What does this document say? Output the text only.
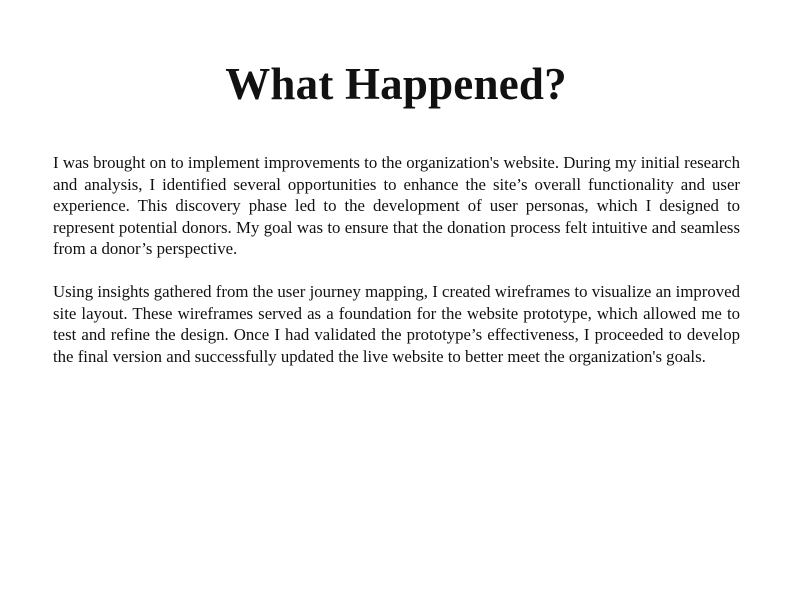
What Happened?

I was brought on to implement improvements to the organization's website. During my initial research and analysis, I identified several opportunities to enhance the site’s overall functionality and user experience. This discovery phase led to the development of user personas, which I designed to represent potential donors. My goal was to ensure that the donation process felt intuitive and seamless from a donor’s perspective.

Using insights gathered from the user journey mapping, I created wireframes to visualize an improved site layout. These wireframes served as a foundation for the website prototype, which allowed me to test and refine the design. Once I had validated the prototype’s effectiveness, I proceeded to develop the final version and successfully updated the live website to better meet the organization's goals.
